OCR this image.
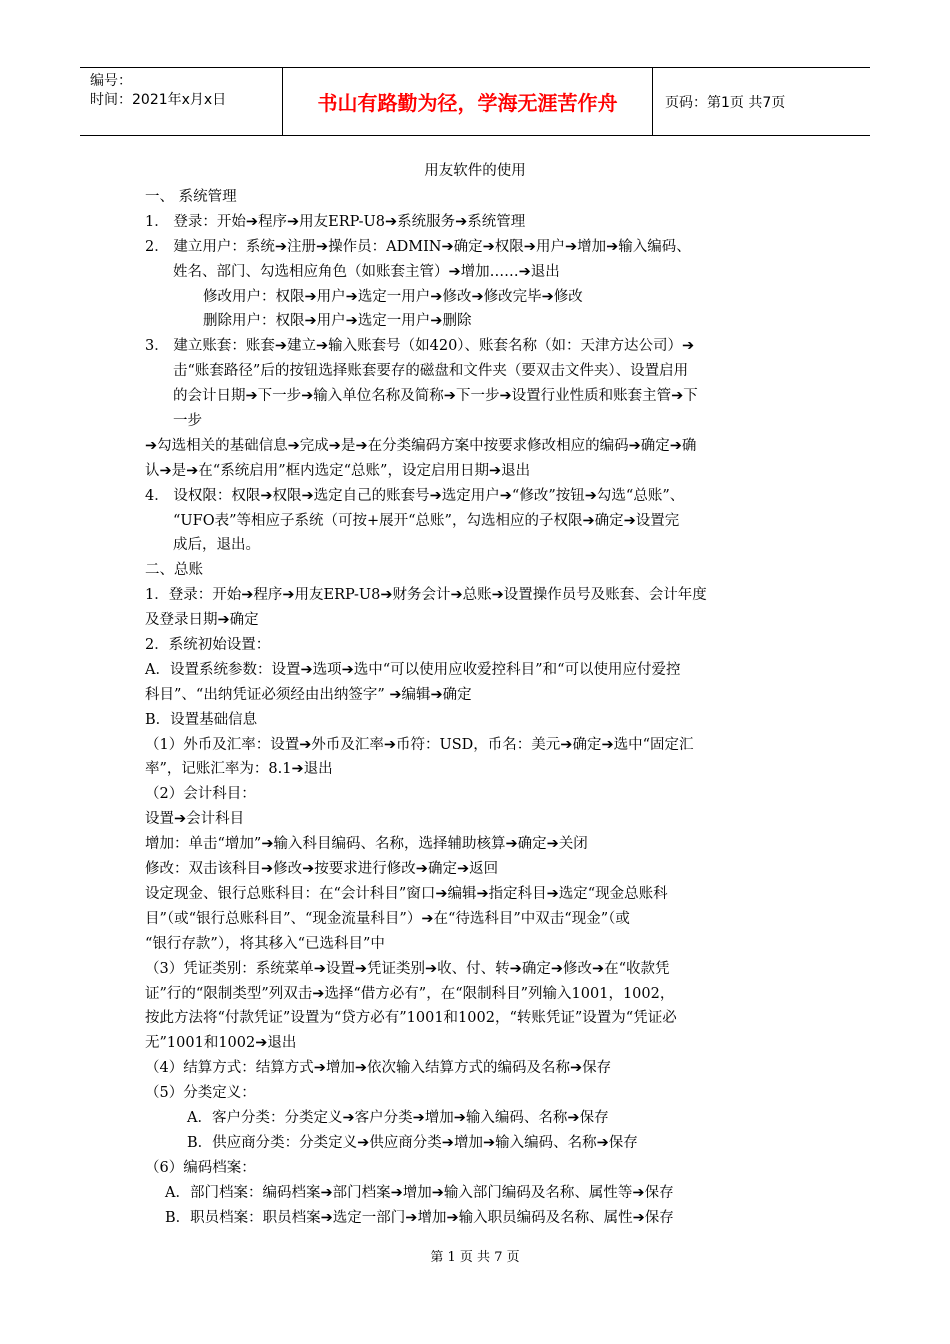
编号：
时间：2021年x月x日	书山有路勤为径，学海无涯苦作舟	页码：第1页 共7页
用友软件的使用
一、 系统管理
1． 登录：开始➔程序➔用友ERP-U8➔系统服务➔系统管理
2． 建立用户：系统➔注册➔操作员：ADMIN➔确定➔权限➔用户➔增加➔输入编码、
姓名、部门、勾选相应角色（如账套主管）➔增加……➔退出
修改用户：权限➔用户➔选定一用户➔修改➔修改完毕➔修改
删除用户：权限➔用户➔选定一用户➔删除
3． 建立账套：账套➔建立➔输入账套号（如420）、账套名称（如：天津方达公司）➔
击“账套路径”后的按钮选择账套要存的磁盘和文件夹（要双击文件夹）、设置启用
的会计日期➔下一步➔输入单位名称及简称➔下一步➔设置行业性质和账套主管➔下
一步
➔勾选相关的基础信息➔完成➔是➔在分类编码方案中按要求修改相应的编码➔确定➔确
认➔是➔在“系统启用”框内选定“总账”，设定启用日期➔退出
4． 设权限：权限➔权限➔选定自己的账套号➔选定用户➔“修改”按钮➔勾选“总账”、
“UFO表”等相应子系统（可按+展开“总账”，勾选相应的子权限➔确定➔设置完
成后，退出。
二、总账
1．登录：开始➔程序➔用友ERP-U8➔财务会计➔总账➔设置操作员号及账套、会计年度
及登录日期➔确定
2．系统初始设置：
A．设置系统参数：设置➔选项➔选中“可以使用应收爱控科目”和“可以使用应付爱控
科目”、“出纳凭证必须经由出纳签字” ➔编辑➔确定
B．设置基础信息
（1）外币及汇率：设置➔外币及汇率➔币符：USD，币名：美元➔确定➔选中“固定汇
率”，记账汇率为：8.1➔退出
（2）会计科目：
设置➔会计科目
增加：单击“增加”➔输入科目编码、名称，选择辅助核算➔确定➔关闭
修改：双击该科目➔修改➔按要求进行修改➔确定➔返回
设定现金、银行总账科目：在“会计科目”窗口➔编辑➔指定科目➔选定“现金总账科
目”（或“银行总账科目”、“现金流量科目”）➔在“待选科目”中双击“现金”（或
“银行存款”），将其移入“已选科目”中
（3）凭证类别：系统菜单➔设置➔凭证类别➔收、付、转➔确定➔修改➔在“收款凭
证”行的“限制类型”列双击➔选择“借方必有”，在“限制科目”列输入1001，1002，
按此方法将“付款凭证”设置为“贷方必有”1001和1002，“转账凭证”设置为“凭证必
无”1001和1002➔退出
（4）结算方式：结算方式➔增加➔依次输入结算方式的编码及名称➔保存
（5）分类定义：
A．客户分类：分类定义➔客户分类➔增加➔输入编码、名称➔保存
B．供应商分类：分类定义➔供应商分类➔增加➔输入编码、名称➔保存
（6）编码档案：
A．部门档案：编码档案➔部门档案➔增加➔输入部门编码及名称、属性等➔保存
B．职员档案：职员档案➔选定一部门➔增加➔输入职员编码及名称、属性➔保存
第 1 页 共 7 页
